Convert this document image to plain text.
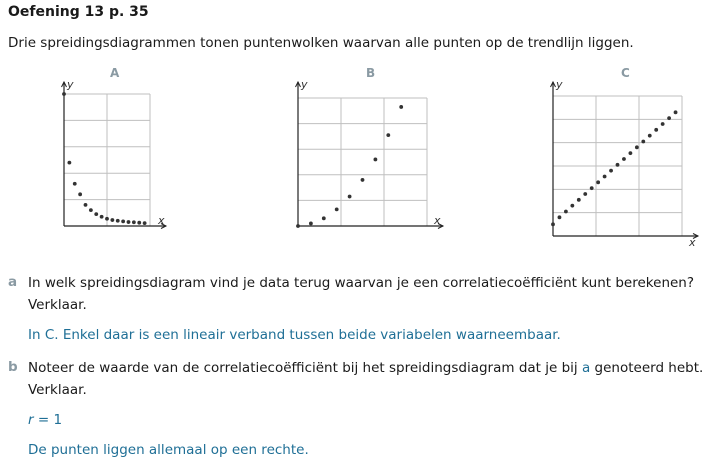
Oefening 13 p. 35
Drie spreidingsdiagrammen tonen puntenwolken waarvan alle punten op de trendlijn liggen.
A	B	C
y
x
y
x
y
x
a In welk spreidingsdiagram vind je data terug waarvan je een correlatiecoëfficiënt kunt berekenen? Verklaar.
In C. Enkel daar is een lineair verband tussen beide variabelen waarneembaar.
b Noteer de waarde van de correlatiecoëfficiënt bij het spreidingsdiagram dat je bij a genoteerd hebt. Verklaar.
r = 1
De punten liggen allemaal op een rechte.
